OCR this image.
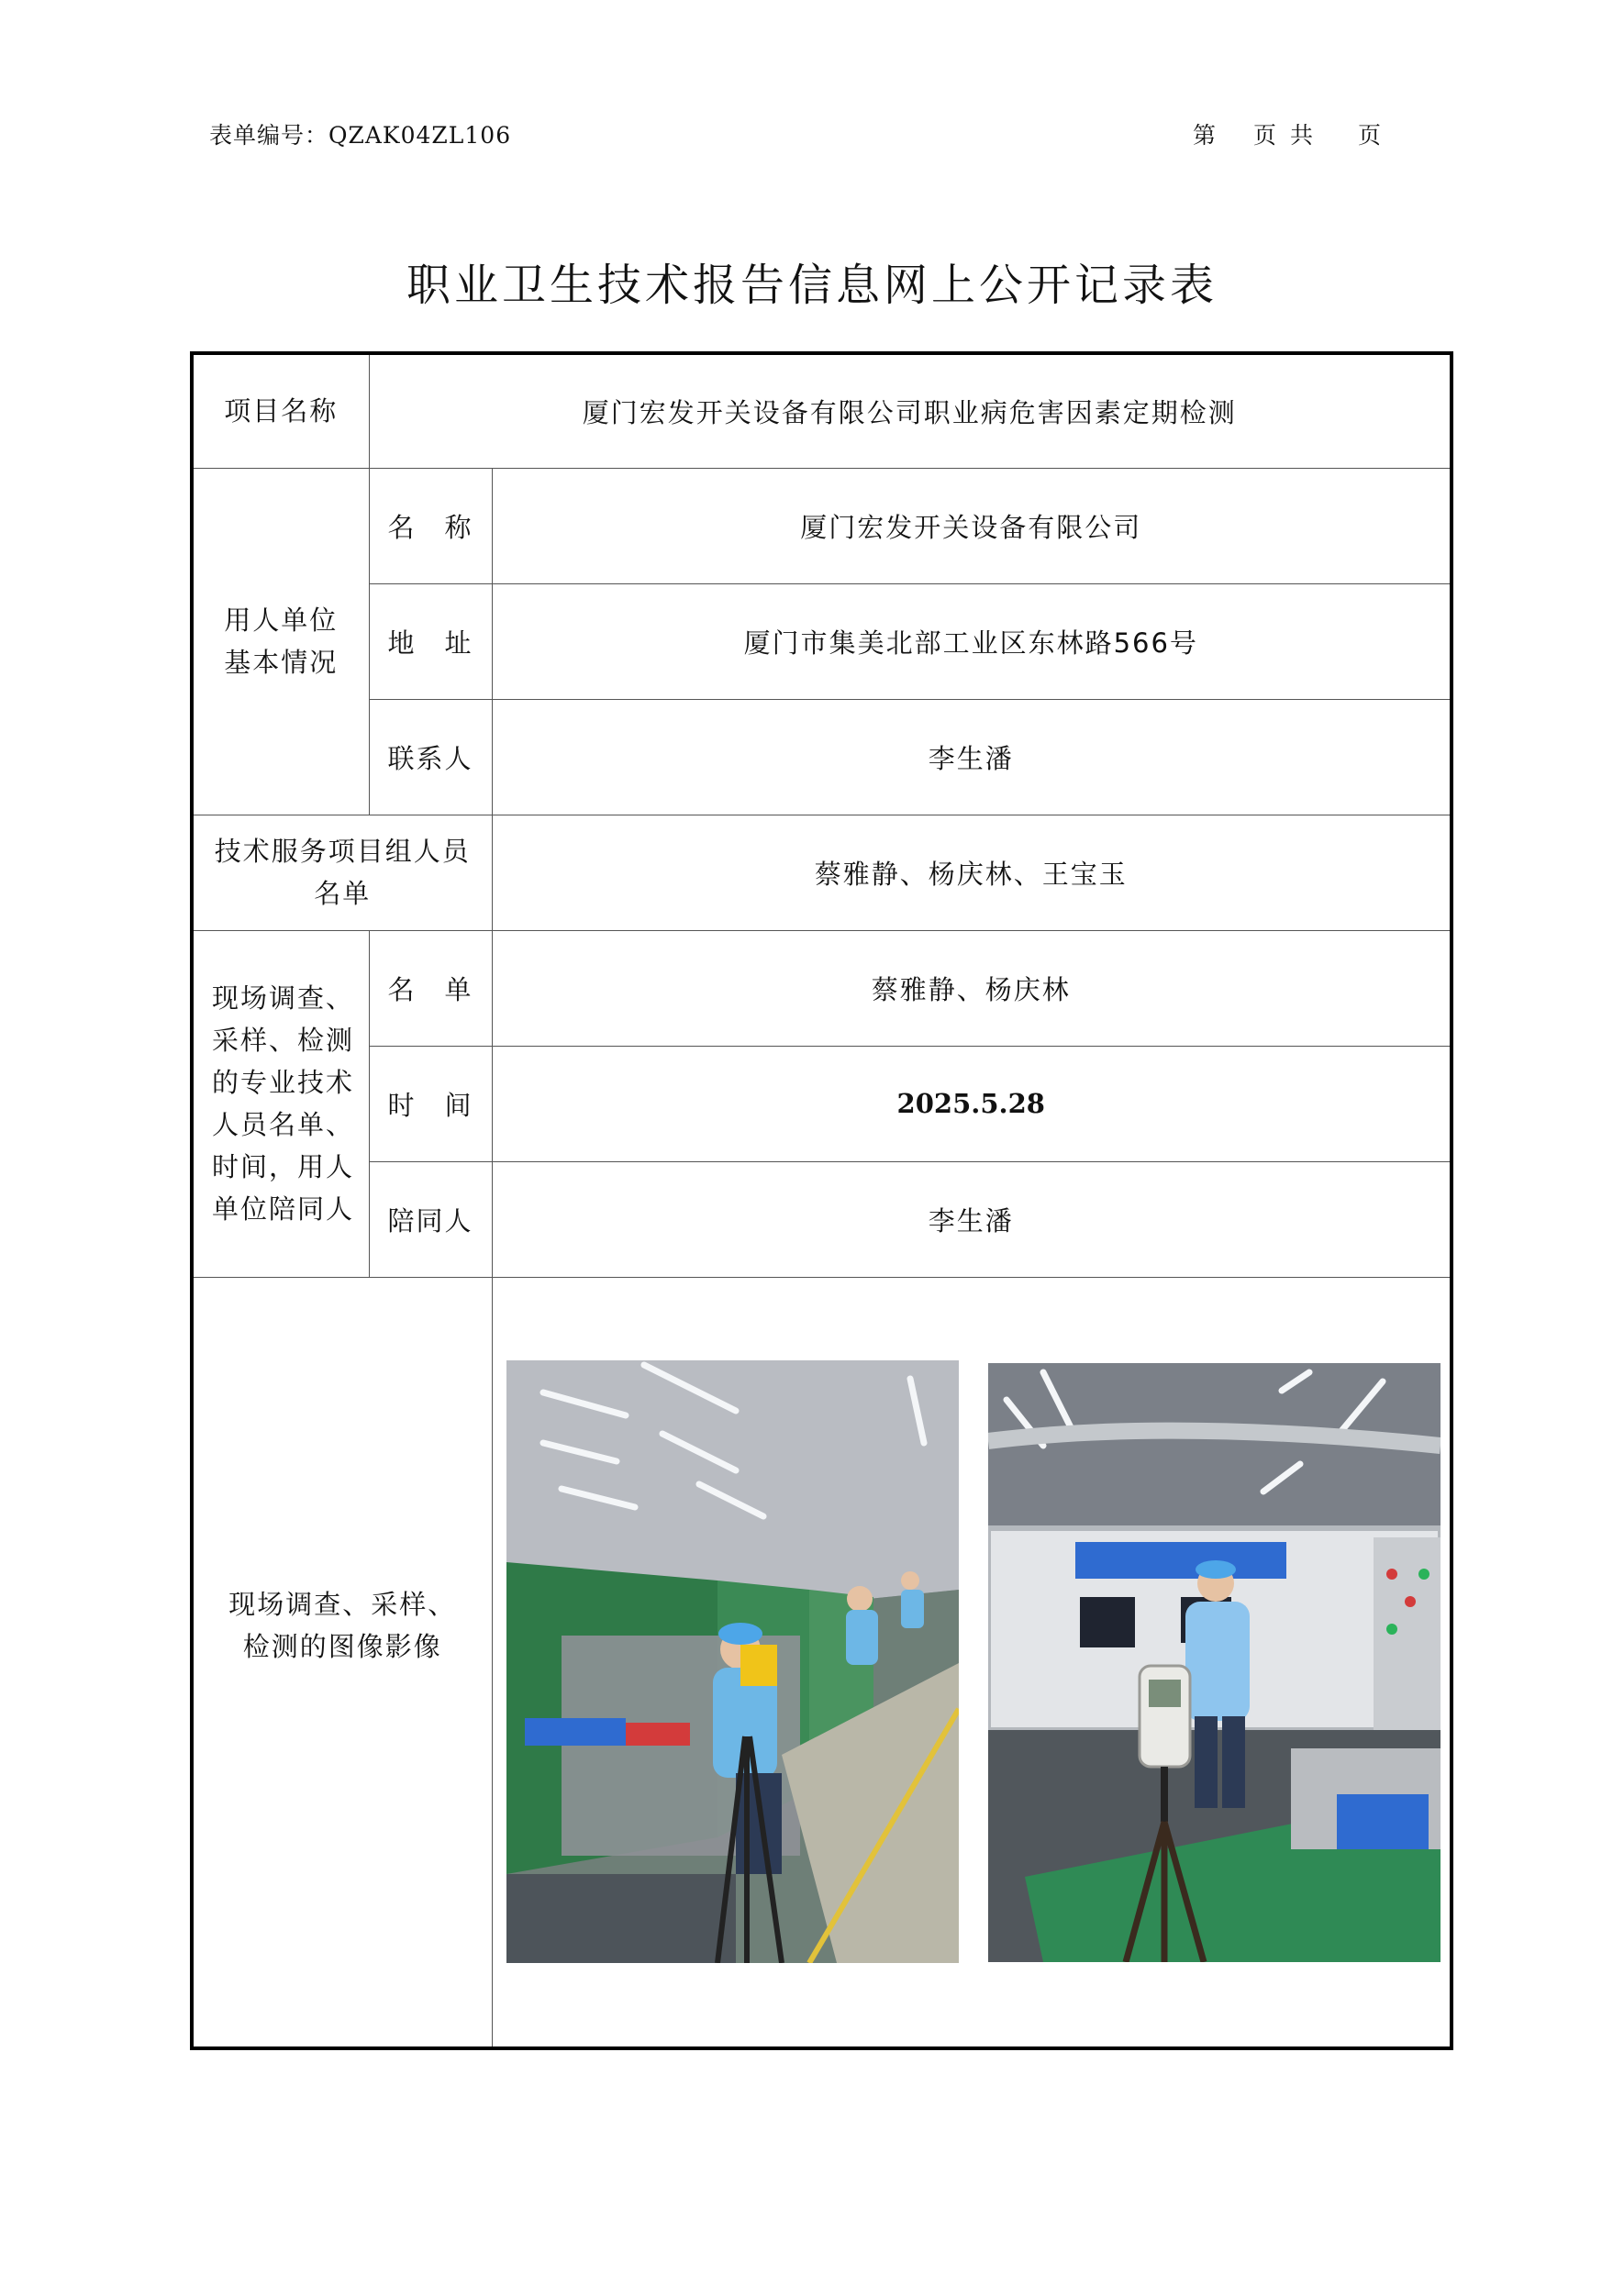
表单编号：QZAK04ZL106	第 页 共 页
职业卫生技术报告信息网上公开记录表
项目名称	厦门宏发开关设备有限公司职业病危害因素定期检测	
用人单位基本情况	名　称	厦门宏发开关设备有限公司
	地　址	厦门市集美北部工业区东林路566号
	联系人	李生潘
技术服务项目组人员名单		蔡雅静、杨庆林、王宝玉
现场调查、采样、检测的专业技术人员名单、时间，用人单位陪同人	名　单	蔡雅静、杨庆林
	时　间	2025.5.28
	陪同人	李生潘
现场调查、采样、检测的图像影像	
